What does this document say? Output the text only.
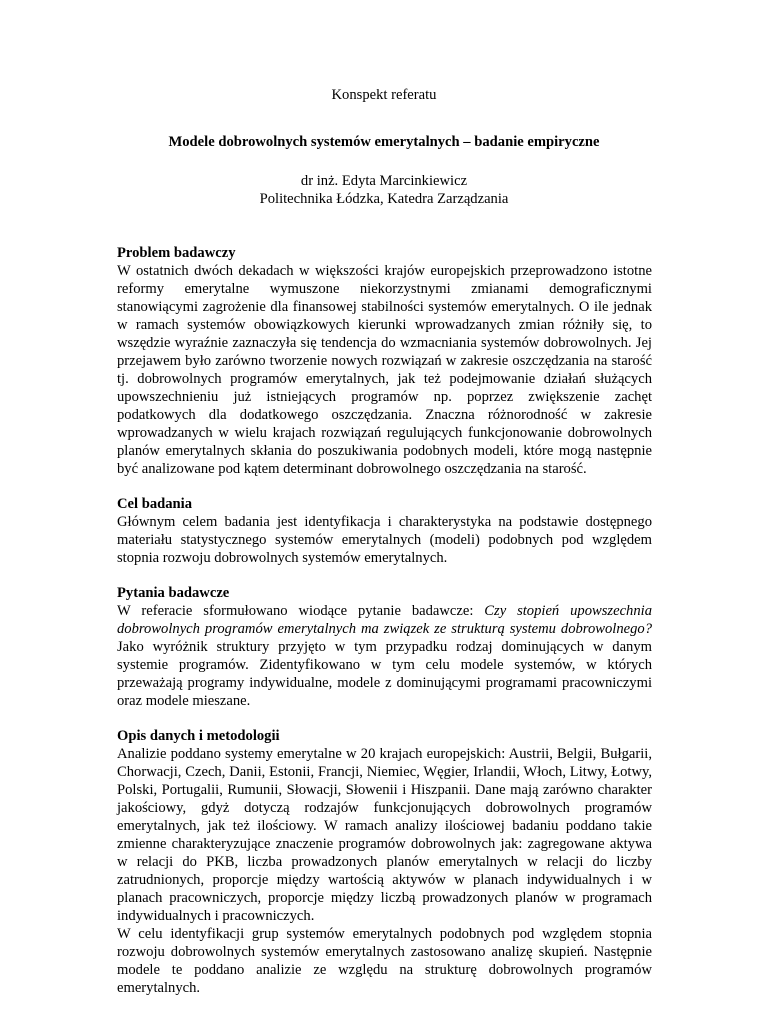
Konspekt referatu
Modele dobrowolnych systemów emerytalnych – badanie empiryczne
dr inż. Edyta Marcinkiewicz
Politechnika Łódzka, Katedra Zarządzania
Problem badawczy

W ostatnich dwóch dekadach w większości krajów europejskich przeprowadzono istotne reformy emerytalne wymuszone niekorzystnymi zmianami demograficznymi stanowiącymi zagrożenie dla finansowej stabilności systemów emerytalnych. O ile jednak w ramach systemów obowiązkowych kierunki wprowadzanych zmian różniły się, to wszędzie wyraźnie zaznaczyła się tendencja do wzmacniania systemów dobrowolnych. Jej przejawem było zarówno tworzenie nowych rozwiązań w zakresie oszczędzania na starość tj. dobrowolnych programów emerytalnych, jak też podejmowanie działań służących upowszechnieniu już istniejących programów np. poprzez zwiększenie zachęt podatkowych dla dodatkowego oszczędzania. Znaczna różnorodność w zakresie wprowadzanych w wielu krajach rozwiązań regulujących funkcjonowanie dobrowolnych planów emerytalnych skłania do poszukiwania podobnych modeli, które mogą następnie być analizowane pod kątem determinant dobrowolnego oszczędzania na starość.

Cel badania

Głównym celem badania jest identyfikacja i charakterystyka na podstawie dostępnego materiału statystycznego systemów emerytalnych (modeli) podobnych pod względem stopnia rozwoju dobrowolnych systemów emerytalnych.

Pytania badawcze

W referacie sformułowano wiodące pytanie badawcze: Czy stopień upowszechnia dobrowolnych programów emerytalnych ma związek ze strukturą systemu dobrowolnego? Jako wyróżnik struktury przyjęto w tym przypadku rodzaj dominujących w danym systemie programów. Zidentyfikowano w tym celu modele systemów, w których przeważają programy indywidualne, modele z dominującymi programami pracowniczymi oraz modele mieszane.

Opis danych i metodologii

Analizie poddano systemy emerytalne w 20 krajach europejskich: Austrii, Belgii, Bułgarii, Chorwacji, Czech, Danii, Estonii, Francji, Niemiec, Węgier, Irlandii, Włoch, Litwy, Łotwy, Polski, Portugalii, Rumunii, Słowacji, Słowenii i Hiszpanii. Dane mają zarówno charakter jakościowy, gdyż dotyczą rodzajów funkcjonujących dobrowolnych programów emerytalnych, jak też ilościowy. W ramach analizy ilościowej badaniu poddano takie zmienne charakteryzujące znaczenie programów dobrowolnych jak: zagregowane aktywa w relacji do PKB, liczba prowadzonych planów emerytalnych w relacji do liczby zatrudnionych, proporcje między wartością aktywów w planach indywidualnych i w planach pracowniczych, proporcje między liczbą prowadzonych planów w programach indywidualnych i pracowniczych.

W celu identyfikacji grup systemów emerytalnych podobnych pod względem stopnia rozwoju dobrowolnych systemów emerytalnych zastosowano analizę skupień. Następnie modele te poddano analizie ze względu na strukturę dobrowolnych programów emerytalnych.
